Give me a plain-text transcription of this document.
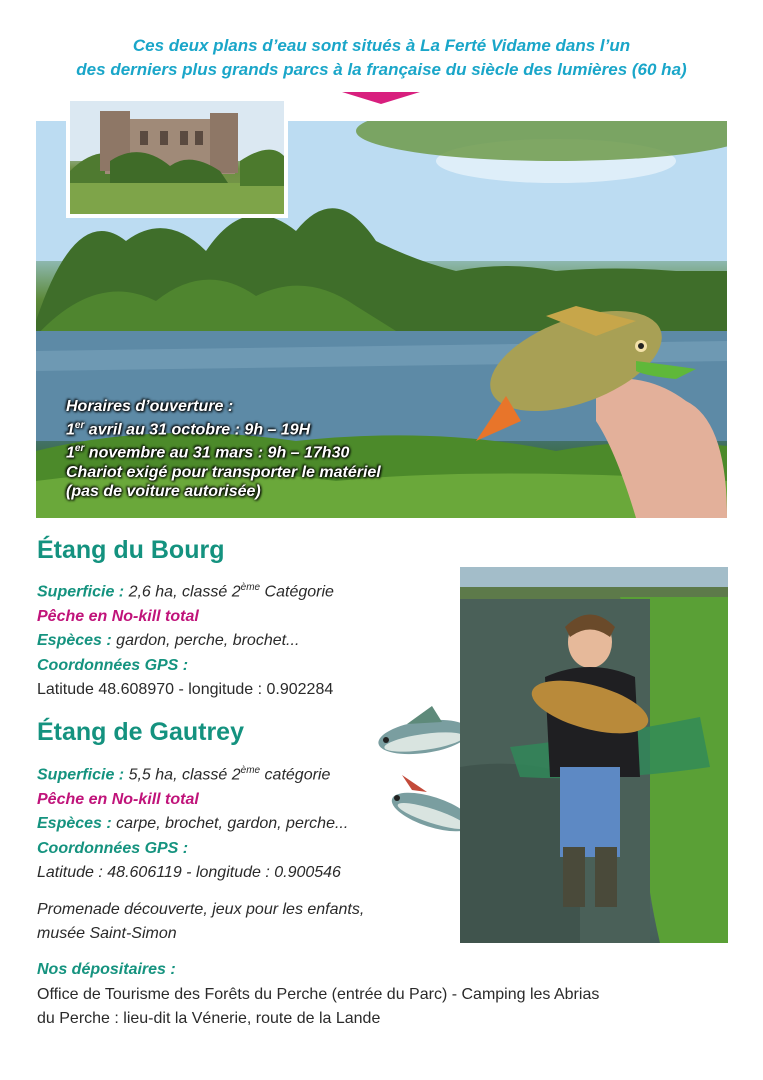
Ces deux plans d’eau sont situés à La Ferté Vidame dans l’un
des derniers plus grands parcs à la française du siècle des lumières (60 ha)
Horaires d’ouverture :
1er avril au 31 octobre : 9h – 19H
1er novembre au 31 mars : 9h – 17h30
Chariot exigé pour transporter le matériel
(pas de voiture autorisée)
Étang du Bourg
Superficie : 2,6 ha, classé 2ème Catégorie
Pêche en No-kill total
Espèces : gardon, perche, brochet...
Coordonnées GPS :
Latitude 48.608970 - longitude : 0.902284
Étang de Gautrey
Superficie : 5,5 ha, classé 2ème catégorie
Pêche en No-kill total
Espèces : carpe, brochet, gardon, perche...
Coordonnées GPS :
Latitude : 48.606119 - longitude : 0.900546
Promenade découverte, jeux pour les enfants,
musée Saint-Simon
Nos dépositaires :
Office de Tourisme des Forêts du Perche (entrée du Parc) - Camping les Abrias
du Perche : lieu-dit la Vénerie, route de la Lande
